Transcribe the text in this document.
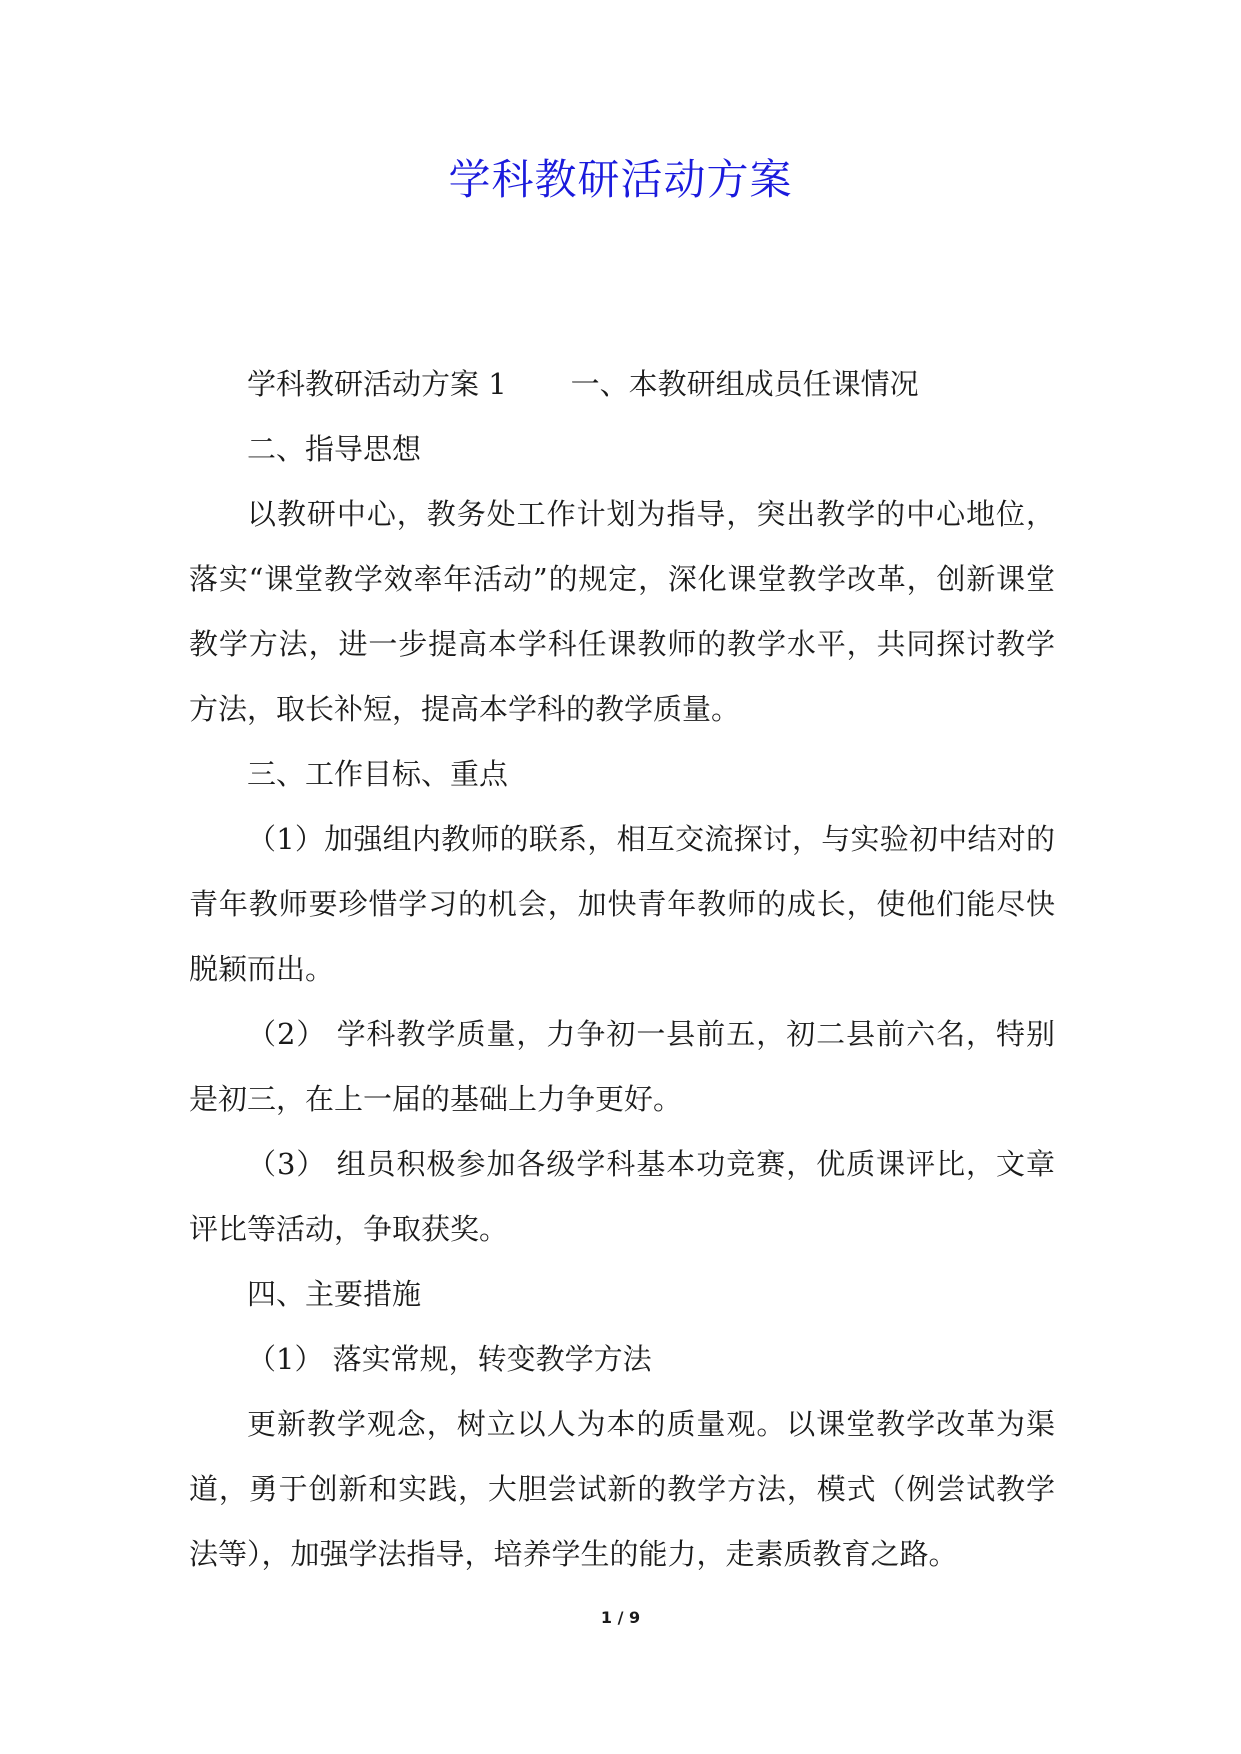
学科教研活动方案

学科教研活动方案 1 一、本教研组成员任课情况

二、指导思想

以教研中心，教务处工作计划为指导，突出教学的中心地位，落实“课堂教学效率年活动”的规定，深化课堂教学改革，创新课堂教学方法，进一步提高本学科任课教师的教学水平，共同探讨教学方法，取长补短，提高本学科的教学质量。

三、工作目标、重点

（1）加强组内教师的联系，相互交流探讨，与实验初中结对的青年教师要珍惜学习的机会，加快青年教师的成长，使他们能尽快脱颖而出。

（2） 学科教学质量，力争初一县前五，初二县前六名，特别是初三，在上一届的基础上力争更好。

（3） 组员积极参加各级学科基本功竞赛，优质课评比，文章评比等活动，争取获奖。

四、主要措施

（1） 落实常规，转变教学方法

更新教学观念，树立以人为本的质量观。以课堂教学改革为渠道，勇于创新和实践，大胆尝试新的教学方法，模式（例尝试教学法等），加强学法指导，培养学生的能力，走素质教育之路。

1 / 9
